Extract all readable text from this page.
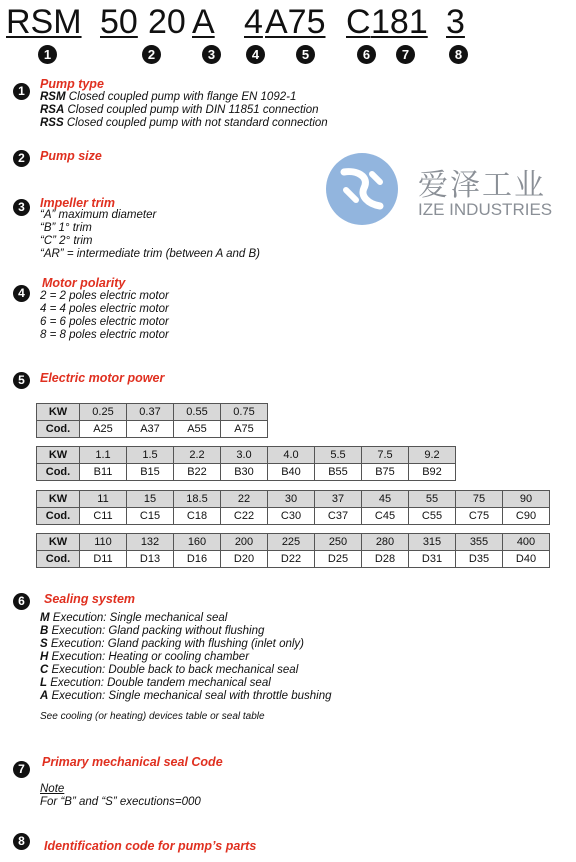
RSM 50 20 A 4 A75 C 181 3
1	2	3	4	5	6	7	8
爱泽工业
IZE INDUSTRIES
1	Pump type
RSM Closed coupled pump with flange EN 1092-1
RSA Closed coupled pump with DIN 11851 connection
RSS Closed coupled pump with not standard connection
2	Pump size
3	Impeller trim
“A” maximum diameter
“B” 1° trim
“C” 2° trim
“AR” = intermediate trim (between A and B)
4
Motor polarity
2 = 2 poles electric motor
4 = 4 poles electric motor
6 = 6 poles electric motor
8 = 8 poles electric motor
5	Electric motor power
KW	0.25	0.37	0.55	0.75
Cod.	A25	A37	A55	A75
KW	1.1	1.5	2.2	3.0	4.0	5.5	7.5	9.2
Cod.	B11	B15	B22	B30	B40	B55	B75	B92
KW	11	15	18.5	22	30	37	45	55	75	90
Cod.	C11	C15	C18	C22	C30	C37	C45	C55	C75	C90
KW	110	132	160	200	225	250	280	315	355	400
Cod.	D11	D13	D16	D20	D22	D25	D28	D31	D35	D40
6	Sealing system
M Execution: Single mechanical seal
B Execution: Gland packing without flushing
S Execution: Gland packing with flushing (inlet only)
H Execution: Heating or cooling chamber
C Execution: Double back to back mechanical seal
L Execution: Double tandem mechanical seal
A Execution: Single mechanical seal with throttle bushing
See cooling (or heating) devices table or seal table
7	Primary mechanical seal Code
Note
For “B” and “S” executions=000
8	Identification code for pump’s parts
